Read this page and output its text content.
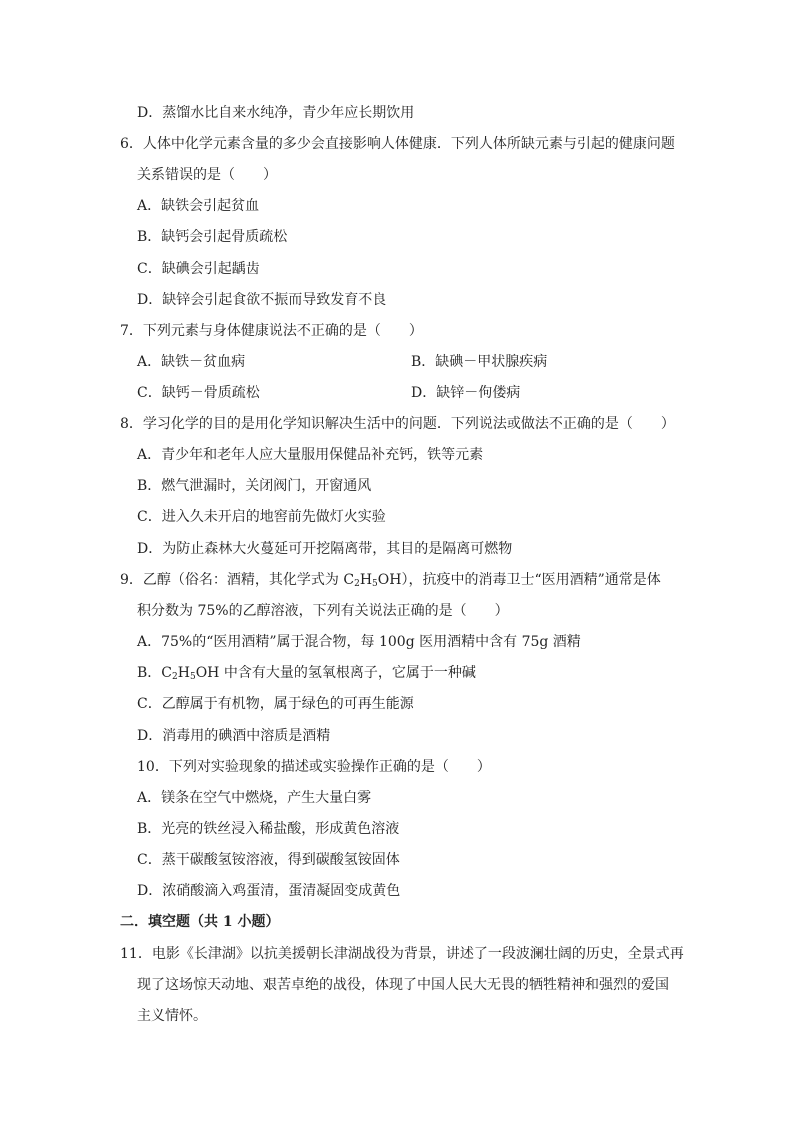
D．蒸馏水比自来水纯净，青少年应长期饮用
6．人体中化学元素含量的多少会直接影响人体健康．下列人体所缺元素与引起的健康问题
关系错误的是（　　）
A．缺铁会引起贫血
B．缺钙会引起骨质疏松
C．缺碘会引起龋齿
D．缺锌会引起食欲不振而导致发育不良
7．下列元素与身体健康说法不正确的是（　　）
A．缺铁－贫血病	B．缺碘－甲状腺疾病
C．缺钙－骨质疏松	D．缺锌－佝偻病
8．学习化学的目的是用化学知识解决生活中的问题．下列说法或做法不正确的是（　　）
A．青少年和老年人应大量服用保健品补充钙，铁等元素
B．燃气泄漏时，关闭阀门，开窗通风
C．进入久未开启的地窖前先做灯火实验
D．为防止森林大火蔓延可开挖隔离带，其目的是隔离可燃物
9．乙醇（俗名：酒精，其化学式为 $C_2H_5OH$），抗疫中的消毒卫士“医用酒精”通常是体
积分数为 75%的乙醇溶液，下列有关说法正确的是（　　）
A．75%的“医用酒精”属于混合物，每 100g 医用酒精中含有 75g 酒精
B．$C_2H_5OH$ 中含有大量的氢氧根离子，它属于一种碱
C．乙醇属于有机物，属于绿色的可再生能源
D．消毒用的碘酒中溶质是酒精
10．下列对实验现象的描述或实验操作正确的是（　　）
A．镁条在空气中燃烧，产生大量白雾
B．光亮的铁丝浸入稀盐酸，形成黄色溶液
C．蒸干碳酸氢铵溶液，得到碳酸氢铵固体
D．浓硝酸滴入鸡蛋清，蛋清凝固变成黄色
二．填空题（共 1 小题）
11．电影《长津湖》以抗美援朝长津湖战役为背景，讲述了一段波澜壮阔的历史，全景式再
现了这场惊天动地、艰苦卓绝的战役，体现了中国人民大无畏的牺牲精神和强烈的爱国
主义情怀。
